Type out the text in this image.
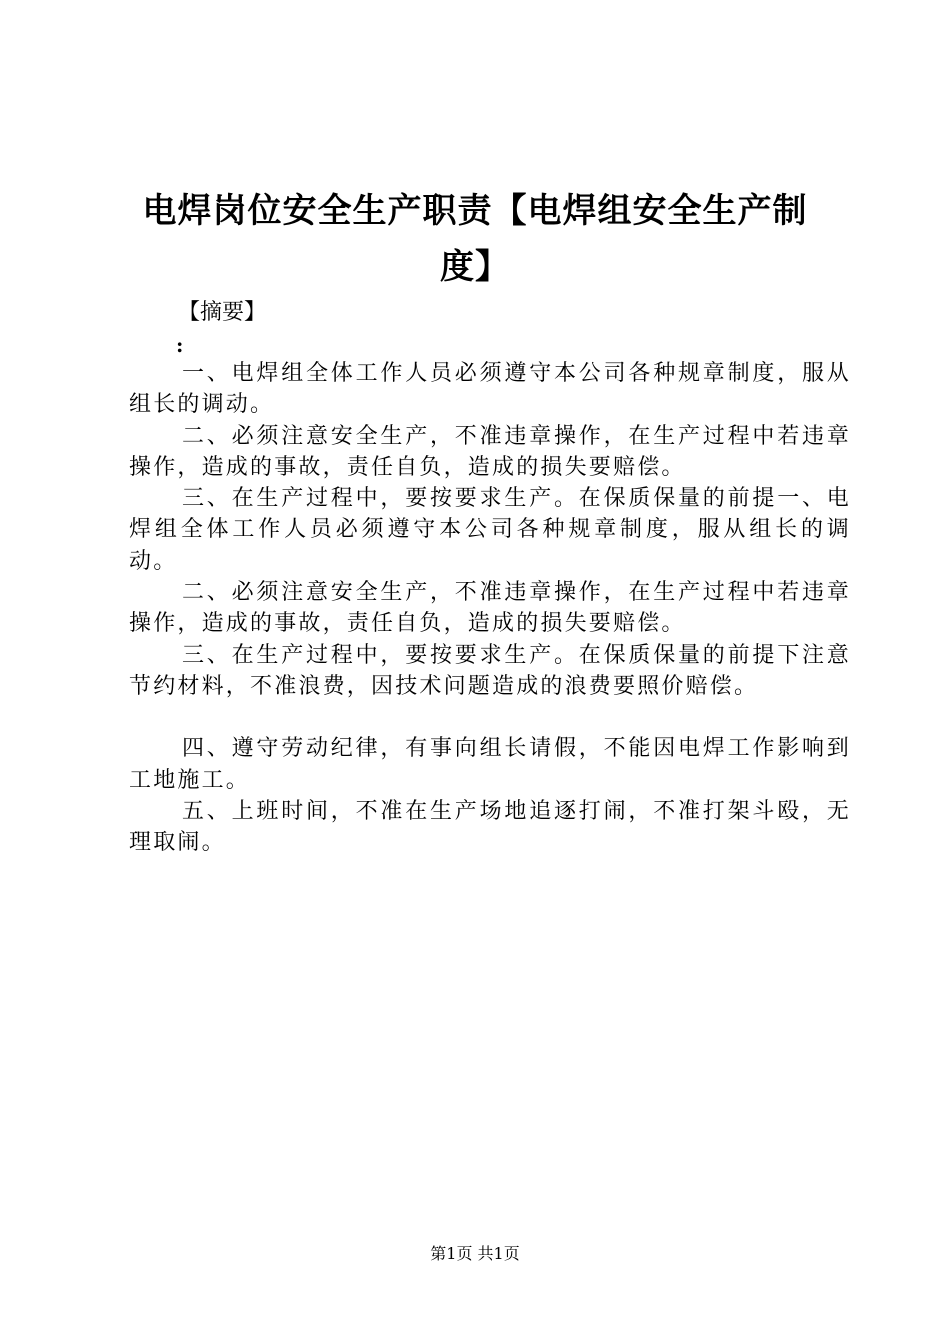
电焊岗位安全生产职责【电焊组安全生产制度】
【摘要】
:

一、电焊组全体工作人员必须遵守本公司各种规章制度，服从组长的调动。

二、必须注意安全生产，不准违章操作，在生产过程中若违章操作，造成的事故，责任自负，造成的损失要赔偿。

三、在生产过程中，要按要求生产。在保质保量的前提一、电焊组全体工作人员必须遵守本公司各种规章制度，服从组长的调动。

二、必须注意安全生产，不准违章操作，在生产过程中若违章操作，造成的事故，责任自负，造成的损失要赔偿。

三、在生产过程中，要按要求生产。在保质保量的前提下注意节约材料，不准浪费，因技术问题造成的浪费要照价赔偿。

四、遵守劳动纪律，有事向组长请假，不能因电焊工作影响到工地施工。

五、上班时间，不准在生产场地追逐打闹，不准打架斗殴，无理取闹。

第1页 共1页
